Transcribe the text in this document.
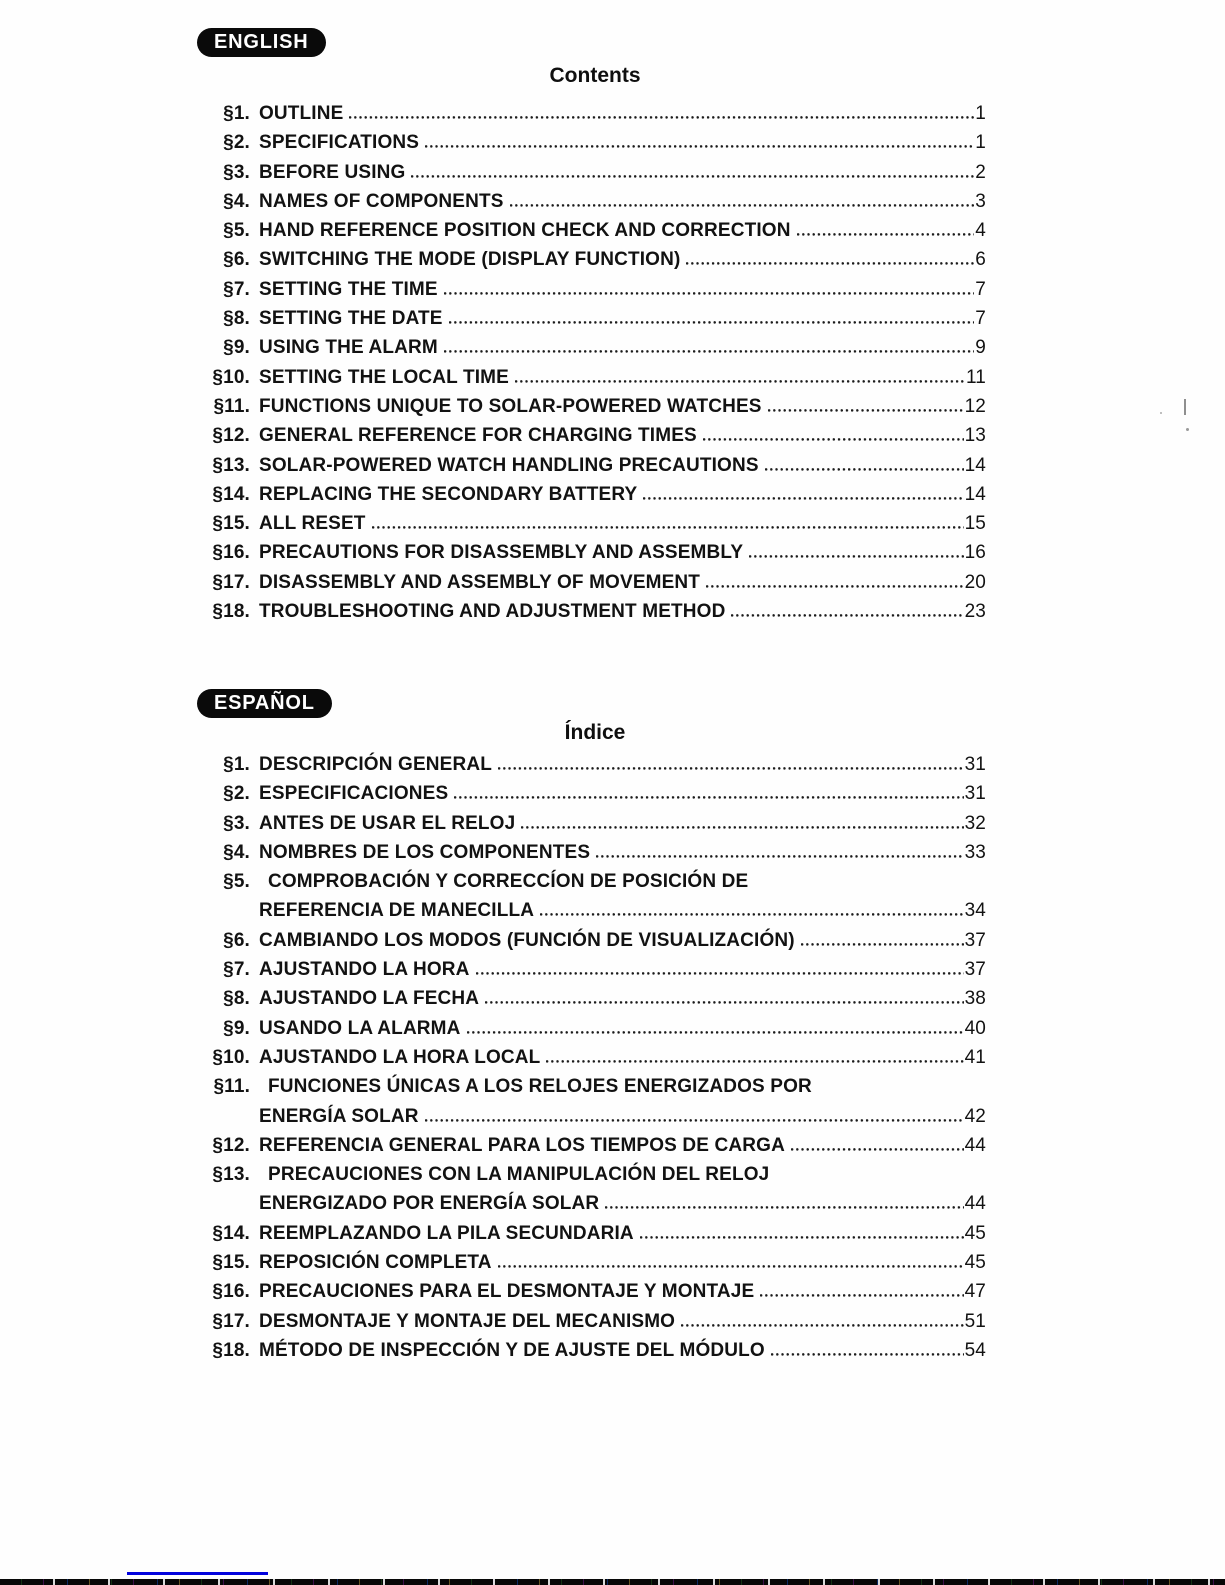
ENGLISH
Contents
§1. OUTLINE	1
§2. SPECIFICATIONS	1
§3. BEFORE USING	2
§4. NAMES OF COMPONENTS	3
§5. HAND REFERENCE POSITION CHECK AND CORRECTION	4
§6. SWITCHING THE MODE (DISPLAY FUNCTION)	6
§7. SETTING THE TIME	7
§8. SETTING THE DATE	7
§9. USING THE ALARM	9
§10. SETTING THE LOCAL TIME	11
§11. FUNCTIONS UNIQUE TO SOLAR-POWERED WATCHES	12
§12. GENERAL REFERENCE FOR CHARGING TIMES	13
§13. SOLAR-POWERED WATCH HANDLING PRECAUTIONS	14
§14. REPLACING THE SECONDARY BATTERY	14
§15. ALL RESET	15
§16. PRECAUTIONS FOR DISASSEMBLY AND ASSEMBLY	16
§17. DISASSEMBLY AND ASSEMBLY OF MOVEMENT	20
§18. TROUBLESHOOTING AND ADJUSTMENT METHOD	23
ESPAÑOL
Índice
§1. DESCRIPCIÓN GENERAL	31
§2. ESPECIFICACIONES	31
§3. ANTES DE USAR EL RELOJ	32
§4. NOMBRES DE LOS COMPONENTES	33
§5. COMPROBACIÓN Y CORRECCÍON DE POSICIÓN DE
REFERENCIA DE MANECILLA	34
§6. CAMBIANDO LOS MODOS (FUNCIÓN DE VISUALIZACIÓN)	37
§7. AJUSTANDO LA HORA	37
§8. AJUSTANDO LA FECHA	38
§9. USANDO LA ALARMA	40
§10. AJUSTANDO LA HORA LOCAL	41
§11. FUNCIONES ÚNICAS A LOS RELOJES ENERGIZADOS POR
ENERGÍA SOLAR	42
§12. REFERENCIA GENERAL PARA LOS TIEMPOS DE CARGA	44
§13. PRECAUCIONES CON LA MANIPULACIÓN DEL RELOJ
ENERGIZADO POR ENERGÍA SOLAR	44
§14. REEMPLAZANDO LA PILA SECUNDARIA	45
§15. REPOSICIÓN COMPLETA	45
§16. PRECAUCIONES PARA EL DESMONTAJE Y MONTAJE	47
§17. DESMONTAJE Y MONTAJE DEL MECANISMO	51
§18. MÉTODO DE INSPECCIÓN Y DE AJUSTE DEL MÓDULO	54
